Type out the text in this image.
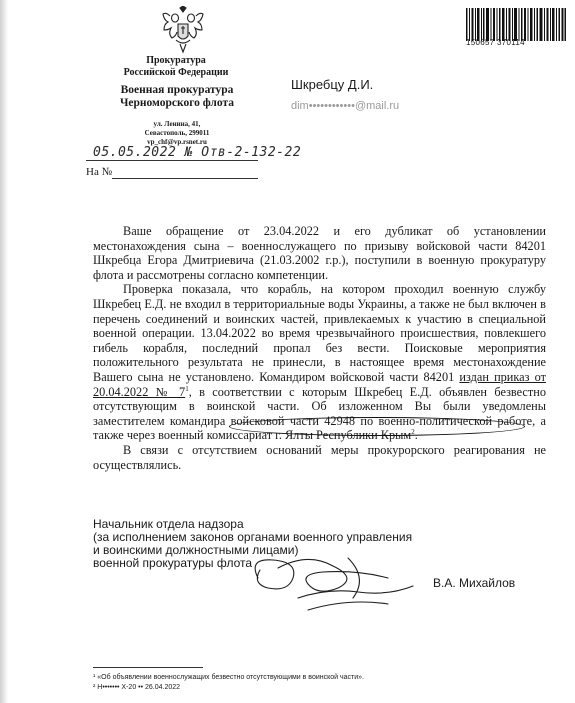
Прокуратура
Российской Федерации
Военная прокуратура
Черноморского флота
ул. Ленина, 41,
Севастополь, 299011
vp_chf@vp.rsnet.ru
150657 370114
Шкребцу Д.И.
dim••••••••••••@mail.ru
05.05.2022 № Отв-2-132-22
На №

Ваше обращение от 23.04.2022 и его дубликат об установлении местонахождения сына – военнослужащего по призыву войсковой части 84201 Шкребца Егора Дмитриевича (21.03.2002 г.р.), поступили в военную прокуратуру флота и рассмотрены согласно компетенции.

Проверка показала, что корабль, на котором проходил военную службу Шкребец Е.Д. не входил в территориальные воды Украины, а также не был включен в перечень соединений и воинских частей, привлекаемых к участию в специальной военной операции. 13.04.2022 во время чрезвычайного происшествия, повлекшего гибель корабля, последний пропал без вести. Поисковые мероприятия положительного результата не принесли, в настоящее время местонахождение Вашего сына не установлено. Командиром войсковой части 84201 издан приказ от 20.04.2022 № $7^1$, в соответствии с которым Шкребец Е.Д. объявлен безвестно отсутствующим в воинской части. Об изложенном Вы были уведомлены заместителем командира войсковой части 42948 по военно-политической работе, а также через военный комиссариат г. Ялты Республики Крым$^2$.

В связи с отсутствием оснований меры прокурорского реагирования не осуществлялись.

Начальник отдела надзора
(за исполнением законов органами военного управления
и воинскими должностными лицами)
военной прокуратуры флота
В.А. Михайлов
¹ «Об объявлении военнослужащих безвестно отсутствующими в воинской части».
² Н••••••• Х-20 •• 26.04.2022
